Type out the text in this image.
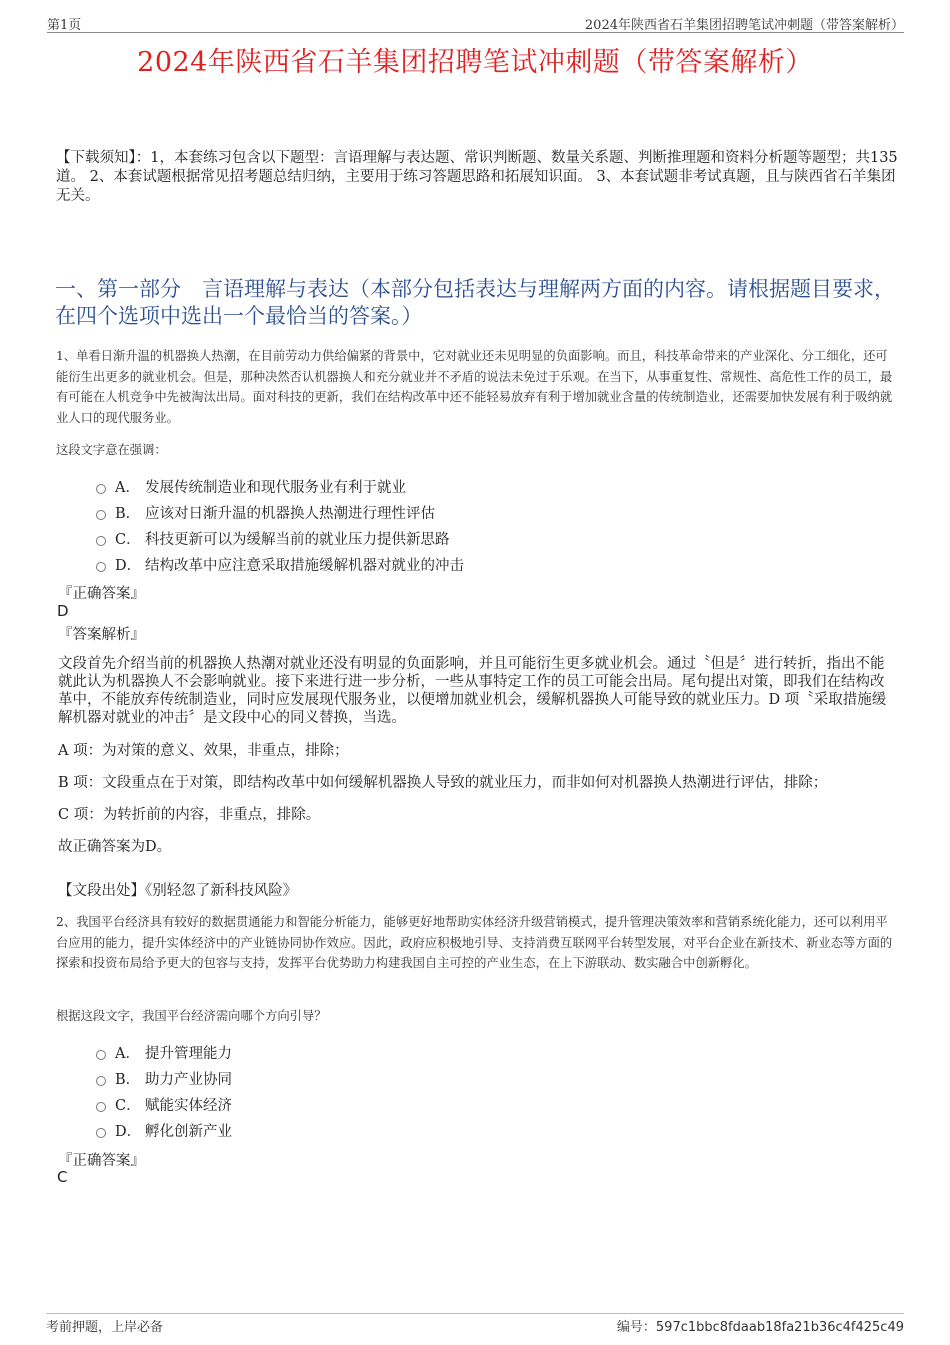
第1页	2024年陕西省石羊集团招聘笔试冲刺题（带答案解析）
2024年陕西省石羊集团招聘笔试冲刺题（带答案解析）
【下载须知】：1，本套练习包含以下题型：言语理解与表达题、常识判断题、数量关系题、判断推理题和资料分析题等题型；共135道。 2、本套试题根据常见招考题总结归纳，主要用于练习答题思路和拓展知识面。 3、本套试题非考试真题，且与陕西省石羊集团无关。
一、第一部分　言语理解与表达（本部分包括表达与理解两方面的内容。请根据题目要求，在四个选项中选出一个最恰当的答案。）
1、单看日渐升温的机器换人热潮，在目前劳动力供给偏紧的背景中，它对就业还未见明显的负面影响。而且，科技革命带来的产业深化、分工细化，还可能衍生出更多的就业机会。但是，那种决然否认机器换人和充分就业并不矛盾的说法未免过于乐观。在当下，从事重复性、常规性、高危性工作的员工，最有可能在人机竞争中先被淘汰出局。面对科技的更新，我们在结构改革中还不能轻易放弃有利于增加就业含量的传统制造业，还需要加快发展有利于吸纳就业人口的现代服务业。
这段文字意在强调：
A． 发展传统制造业和现代服务业有利于就业
B． 应该对日渐升温的机器换人热潮进行理性评估
C． 科技更新可以为缓解当前的就业压力提供新思路
D． 结构改革中应注意采取措施缓解机器对就业的冲击
『正确答案』
D
『答案解析』

文段首先介绍当前的机器换人热潮对就业还没有明显的负面影响，并且可能衍生更多就业机会。通过〝但是〞进行转折，指出不能就此认为机器换人不会影响就业。接下来进行进一步分析，一些从事特定工作的员工可能会出局。尾句提出对策，即我们在结构改革中，不能放弃传统制造业，同时应发展现代服务业，以便增加就业机会，缓解机器换人可能导致的就业压力。D 项〝采取措施缓解机器对就业的冲击〞是文段中心的同义替换，当选。

A 项：为对策的意义、效果，非重点，排除；

B 项：文段重点在于对策，即结构改革中如何缓解机器换人导致的就业压力，而非如何对机器换人热潮进行评估，排除；

C 项：为转折前的内容，非重点，排除。

故正确答案为D。

【文段出处】《别轻忽了新科技风险》
2、我国平台经济具有较好的数据贯通能力和智能分析能力，能够更好地帮助实体经济升级营销模式，提升管理决策效率和营销系统化能力，还可以利用平台应用的能力，提升实体经济中的产业链协同协作效应。因此，政府应积极地引导、支持消费互联网平台转型发展，对平台企业在新技术、新业态等方面的探索和投资布局给予更大的包容与支持，发挥平台优势助力构建我国自主可控的产业生态，在上下游联动、数实融合中创新孵化。
根据这段文字，我国平台经济需向哪个方向引导？
A． 提升管理能力
B． 助力产业协同
C． 赋能实体经济
D． 孵化创新产业
『正确答案』
C
考前押题，上岸必备	编号：597c1bbc8fdaab18fa21b36c4f425c49
